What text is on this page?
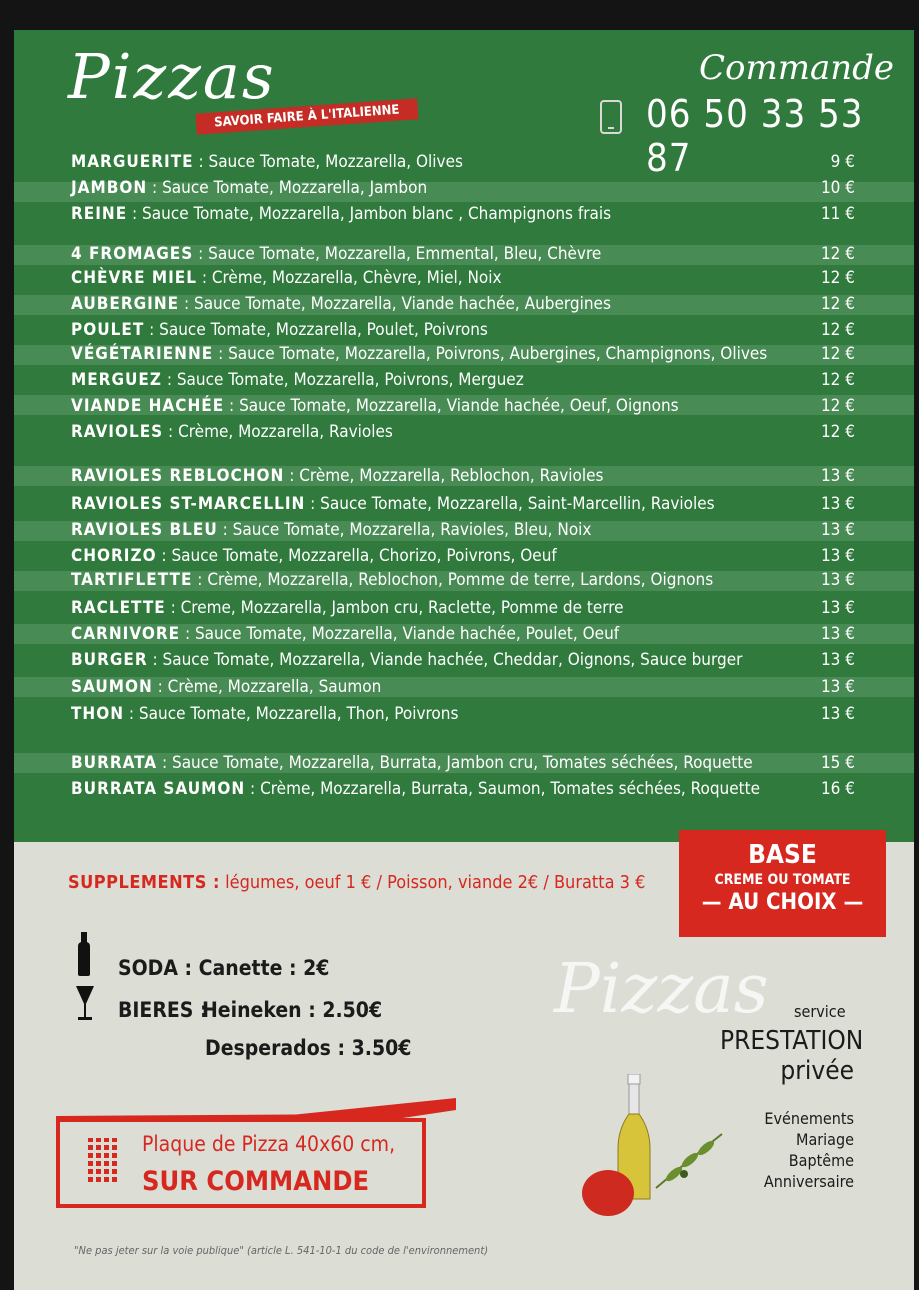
Pizzas
SAVOIR FAIRE À L'ITALIENNE
Commande
06 50 33 53 87
MARGUERITE : Sauce Tomate, Mozzarella, Olives	9 €
JAMBON : Sauce Tomate, Mozzarella, Jambon	10 €
REINE : Sauce Tomate, Mozzarella, Jambon blanc , Champignons frais	11 €
4 FROMAGES : Sauce Tomate, Mozzarella, Emmental, Bleu, Chèvre	12 €
CHÈVRE MIEL : Crème, Mozzarella, Chèvre, Miel, Noix	12 €
AUBERGINE : Sauce Tomate, Mozzarella, Viande hachée, Aubergines	12 €
POULET : Sauce Tomate, Mozzarella, Poulet, Poivrons	12 €
VÉGÉTARIENNE : Sauce Tomate, Mozzarella, Poivrons, Aubergines, Champignons, Olives	12 €
MERGUEZ : Sauce Tomate, Mozzarella, Poivrons, Merguez	12 €
VIANDE HACHÉE : Sauce Tomate, Mozzarella, Viande hachée, Oeuf, Oignons	12 €
RAVIOLES : Crème, Mozzarella, Ravioles	12 €
RAVIOLES REBLOCHON : Crème, Mozzarella, Reblochon, Ravioles	13 €
RAVIOLES ST-MARCELLIN : Sauce Tomate, Mozzarella, Saint-Marcellin, Ravioles	13 €
RAVIOLES BLEU : Sauce Tomate, Mozzarella, Ravioles, Bleu, Noix	13 €
CHORIZO : Sauce Tomate, Mozzarella, Chorizo, Poivrons, Oeuf	13 €
TARTIFLETTE : Crème, Mozzarella, Reblochon, Pomme de terre, Lardons, Oignons	13 €
RACLETTE : Creme, Mozzarella, Jambon cru, Raclette, Pomme de terre	13 €
CARNIVORE : Sauce Tomate, Mozzarella, Viande hachée, Poulet, Oeuf	13 €
BURGER : Sauce Tomate, Mozzarella, Viande hachée, Cheddar, Oignons, Sauce burger	13 €
SAUMON : Crème, Mozzarella, Saumon	13 €
THON : Sauce Tomate, Mozzarella, Thon, Poivrons	13 €
BURRATA : Sauce Tomate, Mozzarella, Burrata, Jambon cru, Tomates séchées, Roquette	15 €
BURRATA SAUMON : Crème, Mozzarella, Burrata, Saumon, Tomates séchées, Roquette	16 €
SUPPLEMENTS : légumes, oeuf 1 € / Poisson, viande 2€ / Buratta 3 €
BASE
CREME OU TOMATE
— AU CHOIX —
SODA : Canette : 2€
BIERES :
Heineken : 2.50€
Desperados : 3.50€
Pizzas service
PRESTATION
privée
Evénements
Mariage
Baptême
Anniversaire
Plaque de Pizza 40x60 cm,
SUR COMMANDE
"Ne pas jeter sur la voie publique" (article L. 541-10-1 du code de l'environnement)
